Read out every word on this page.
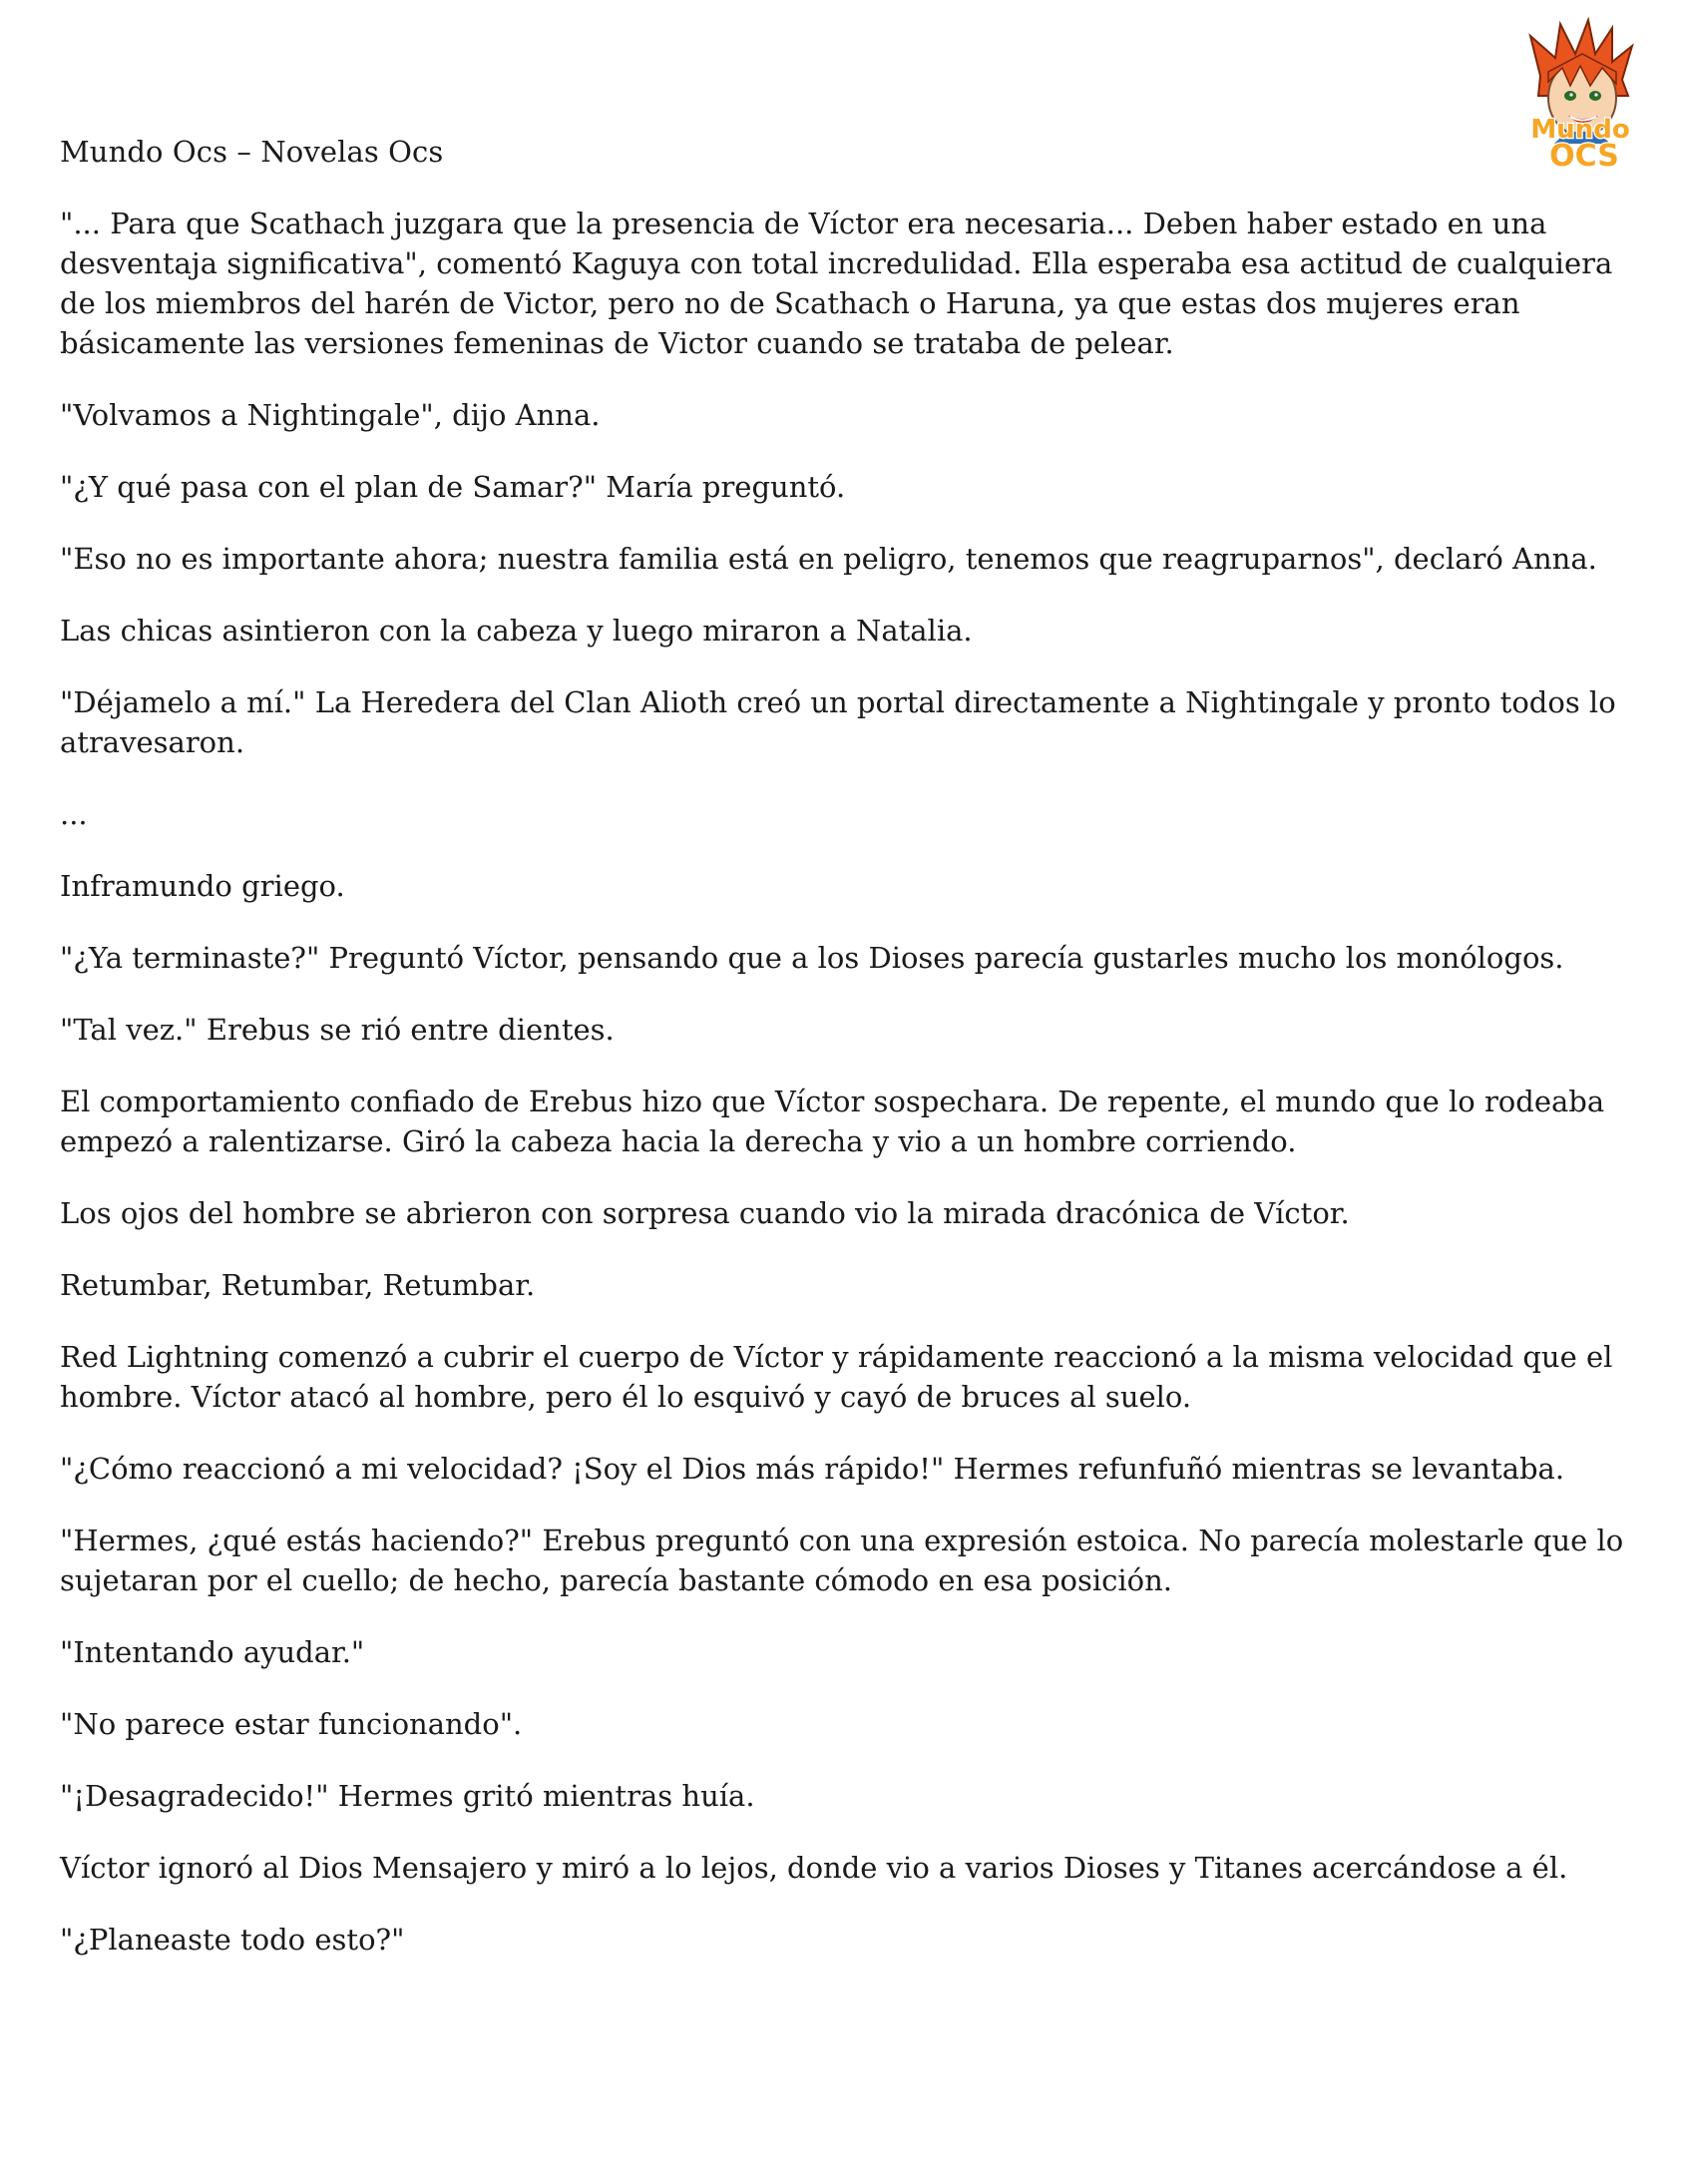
Mundo
OCS
Mundo Ocs – Novelas Ocs

"... Para que Scathach juzgara que la presencia de Víctor era necesaria... Deben haber estado en una desventaja significativa", comentó Kaguya con total incredulidad. Ella esperaba esa actitud de cualquiera de los miembros del harén de Victor, pero no de Scathach o Haruna, ya que estas dos mujeres eran básicamente las versiones femeninas de Victor cuando se trataba de pelear.

"Volvamos a Nightingale", dijo Anna.

"¿Y qué pasa con el plan de Samar?" María preguntó.

"Eso no es importante ahora; nuestra familia está en peligro, tenemos que reagruparnos", declaró Anna.

Las chicas asintieron con la cabeza y luego miraron a Natalia.

"Déjamelo a mí." La Heredera del Clan Alioth creó un portal directamente a Nightingale y pronto todos lo atravesaron.

...

Inframundo griego.

"¿Ya terminaste?" Preguntó Víctor, pensando que a los Dioses parecía gustarles mucho los monólogos.

"Tal vez." Erebus se rió entre dientes.

El comportamiento confiado de Erebus hizo que Víctor sospechara. De repente, el mundo que lo rodeaba empezó a ralentizarse. Giró la cabeza hacia la derecha y vio a un hombre corriendo.

Los ojos del hombre se abrieron con sorpresa cuando vio la mirada dracónica de Víctor.

Retumbar, Retumbar, Retumbar.

Red Lightning comenzó a cubrir el cuerpo de Víctor y rápidamente reaccionó a la misma velocidad que el hombre. Víctor atacó al hombre, pero él lo esquivó y cayó de bruces al suelo.

"¿Cómo reaccionó a mi velocidad? ¡Soy el Dios más rápido!" Hermes refunfuñó mientras se levantaba.

"Hermes, ¿qué estás haciendo?" Erebus preguntó con una expresión estoica. No parecía molestarle que lo sujetaran por el cuello; de hecho, parecía bastante cómodo en esa posición.

"Intentando ayudar."

"No parece estar funcionando".

"¡Desagradecido!" Hermes gritó mientras huía.

Víctor ignoró al Dios Mensajero y miró a lo lejos, donde vio a varios Dioses y Titanes acercándose a él.

"¿Planeaste todo esto?"
